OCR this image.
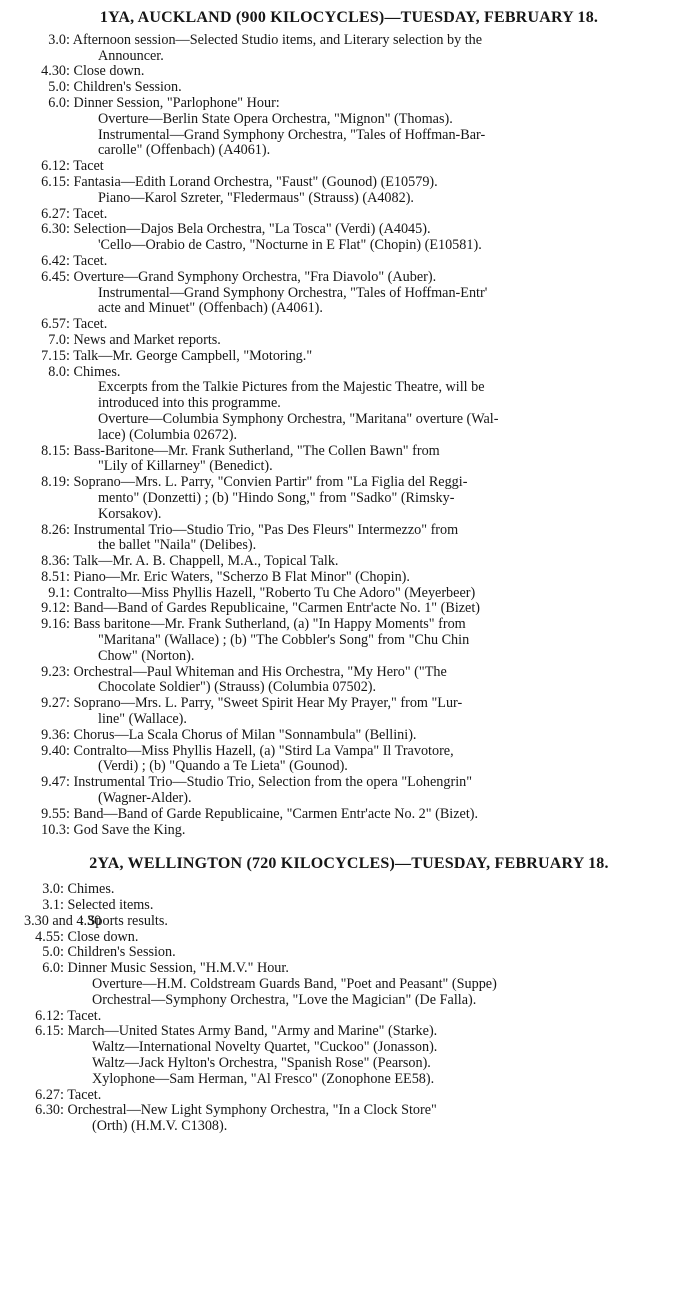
1YA, AUCKLAND (900 KILOCYCLES)—TUESDAY, FEBRUARY 18.
3.0 : Afternoon session—Selected Studio items, and Literary selection by the
Announcer.
4.30 : Close down.
5.0 : Children's Session.
6.0 : Dinner Session, "Parlophone" Hour:
Overture—Berlin State Opera Orchestra, "Mignon" (Thomas).
Instrumental—Grand Symphony Orchestra, "Tales of Hoffman-Bar-
carolle" (Offenbach) (A4061).
6.12 : Tacet
6.15 : Fantasia—Edith Lorand Orchestra, "Faust" (Gounod) (E10579).
Piano—Karol Szreter, "Fledermaus" (Strauss) (A4082).
6.27 : Tacet.
6.30 : Selection—Dajos Bela Orchestra, "La Tosca" (Verdi) (A4045).
'Cello—Orabio de Castro, "Nocturne in E Flat" (Chopin) (E10581).
6.42 : Tacet.
6.45 : Overture—Grand Symphony Orchestra, "Fra Diavolo" (Auber).
Instrumental—Grand Symphony Orchestra, "Tales of Hoffman-Entr'
acte and Minuet" (Offenbach) (A4061).
6.57 : Tacet.
7.0 : News and Market reports.
7.15 : Talk—Mr. George Campbell, "Motoring."
8.0 : Chimes.
Excerpts from the Talkie Pictures from the Majestic Theatre, will be
introduced into this programme.
Overture—Columbia Symphony Orchestra, "Maritana" overture (Wal-
lace) (Columbia 02672).
8.15 : Bass-Baritone—Mr. Frank Sutherland, "The Collen Bawn" from
"Lily of Killarney" (Benedict).
8.19 : Soprano—Mrs. L. Parry, "Convien Partir" from "La Figlia del Reggi-
mento" (Donzetti) ; (b) "Hindo Song," from "Sadko" (Rimsky-
Korsakov).
8.26 : Instrumental Trio—Studio Trio, "Pas Des Fleurs" Intermezzo" from
the ballet "Naila" (Delibes).
8.36 : Talk—Mr. A. B. Chappell, M.A., Topical Talk.
8.51 : Piano—Mr. Eric Waters, "Scherzo B Flat Minor" (Chopin).
9.1 : Contralto—Miss Phyllis Hazell, "Roberto Tu Che Adoro" (Meyerbeer)
9.12 : Band—Band of Gardes Republicaine, "Carmen Entr'acte No. 1" (Bizet)
9.16 : Bass baritone—Mr. Frank Sutherland, (a) "In Happy Moments" from
"Maritana" (Wallace) ; (b) "The Cobbler's Song" from "Chu Chin
Chow" (Norton).
9.23 : Orchestral—Paul Whiteman and His Orchestra, "My Hero" ("The
Chocolate Soldier") (Strauss) (Columbia 07502).
9.27 : Soprano—Mrs. L. Parry, "Sweet Spirit Hear My Prayer," from "Lur-
line" (Wallace).
9.36 : Chorus—La Scala Chorus of Milan "Sonnambula" (Bellini).
9.40 : Contralto—Miss Phyllis Hazell, (a) "Stird La Vampa" Il Travotore,
(Verdi) ; (b) "Quando a Te Lieta" (Gounod).
9.47 : Instrumental Trio—Studio Trio, Selection from the opera "Lohengrin"
(Wagner-Alder).
9.55 : Band—Band of Garde Republicaine, "Carmen Entr'acte No. 2" (Bizet).
10.3 : God Save the King.
2YA, WELLINGTON (720 KILOCYCLES)—TUESDAY, FEBRUARY 18.
3.0 : Chimes.
3.1 : Selected items.
3.30 and 4.30
: Sports results.
4.55 : Close down.
5.0 : Children's Session.
6.0 : Dinner Music Session, "H.M.V." Hour.
Overture—H.M. Coldstream Guards Band, "Poet and Peasant" (Suppe)
Orchestral—Symphony Orchestra, "Love the Magician" (De Falla).
6.12 : Tacet.
6.15 : March—United States Army Band, "Army and Marine" (Starke).
Waltz—International Novelty Quartet, "Cuckoo" (Jonasson).
Waltz—Jack Hylton's Orchestra, "Spanish Rose" (Pearson).
Xylophone—Sam Herman, "Al Fresco" (Zonophone EE58).
6.27 : Tacet.
6.30 : Orchestral—New Light Symphony Orchestra, "In a Clock Store"
(Orth) (H.M.V. C1308).
